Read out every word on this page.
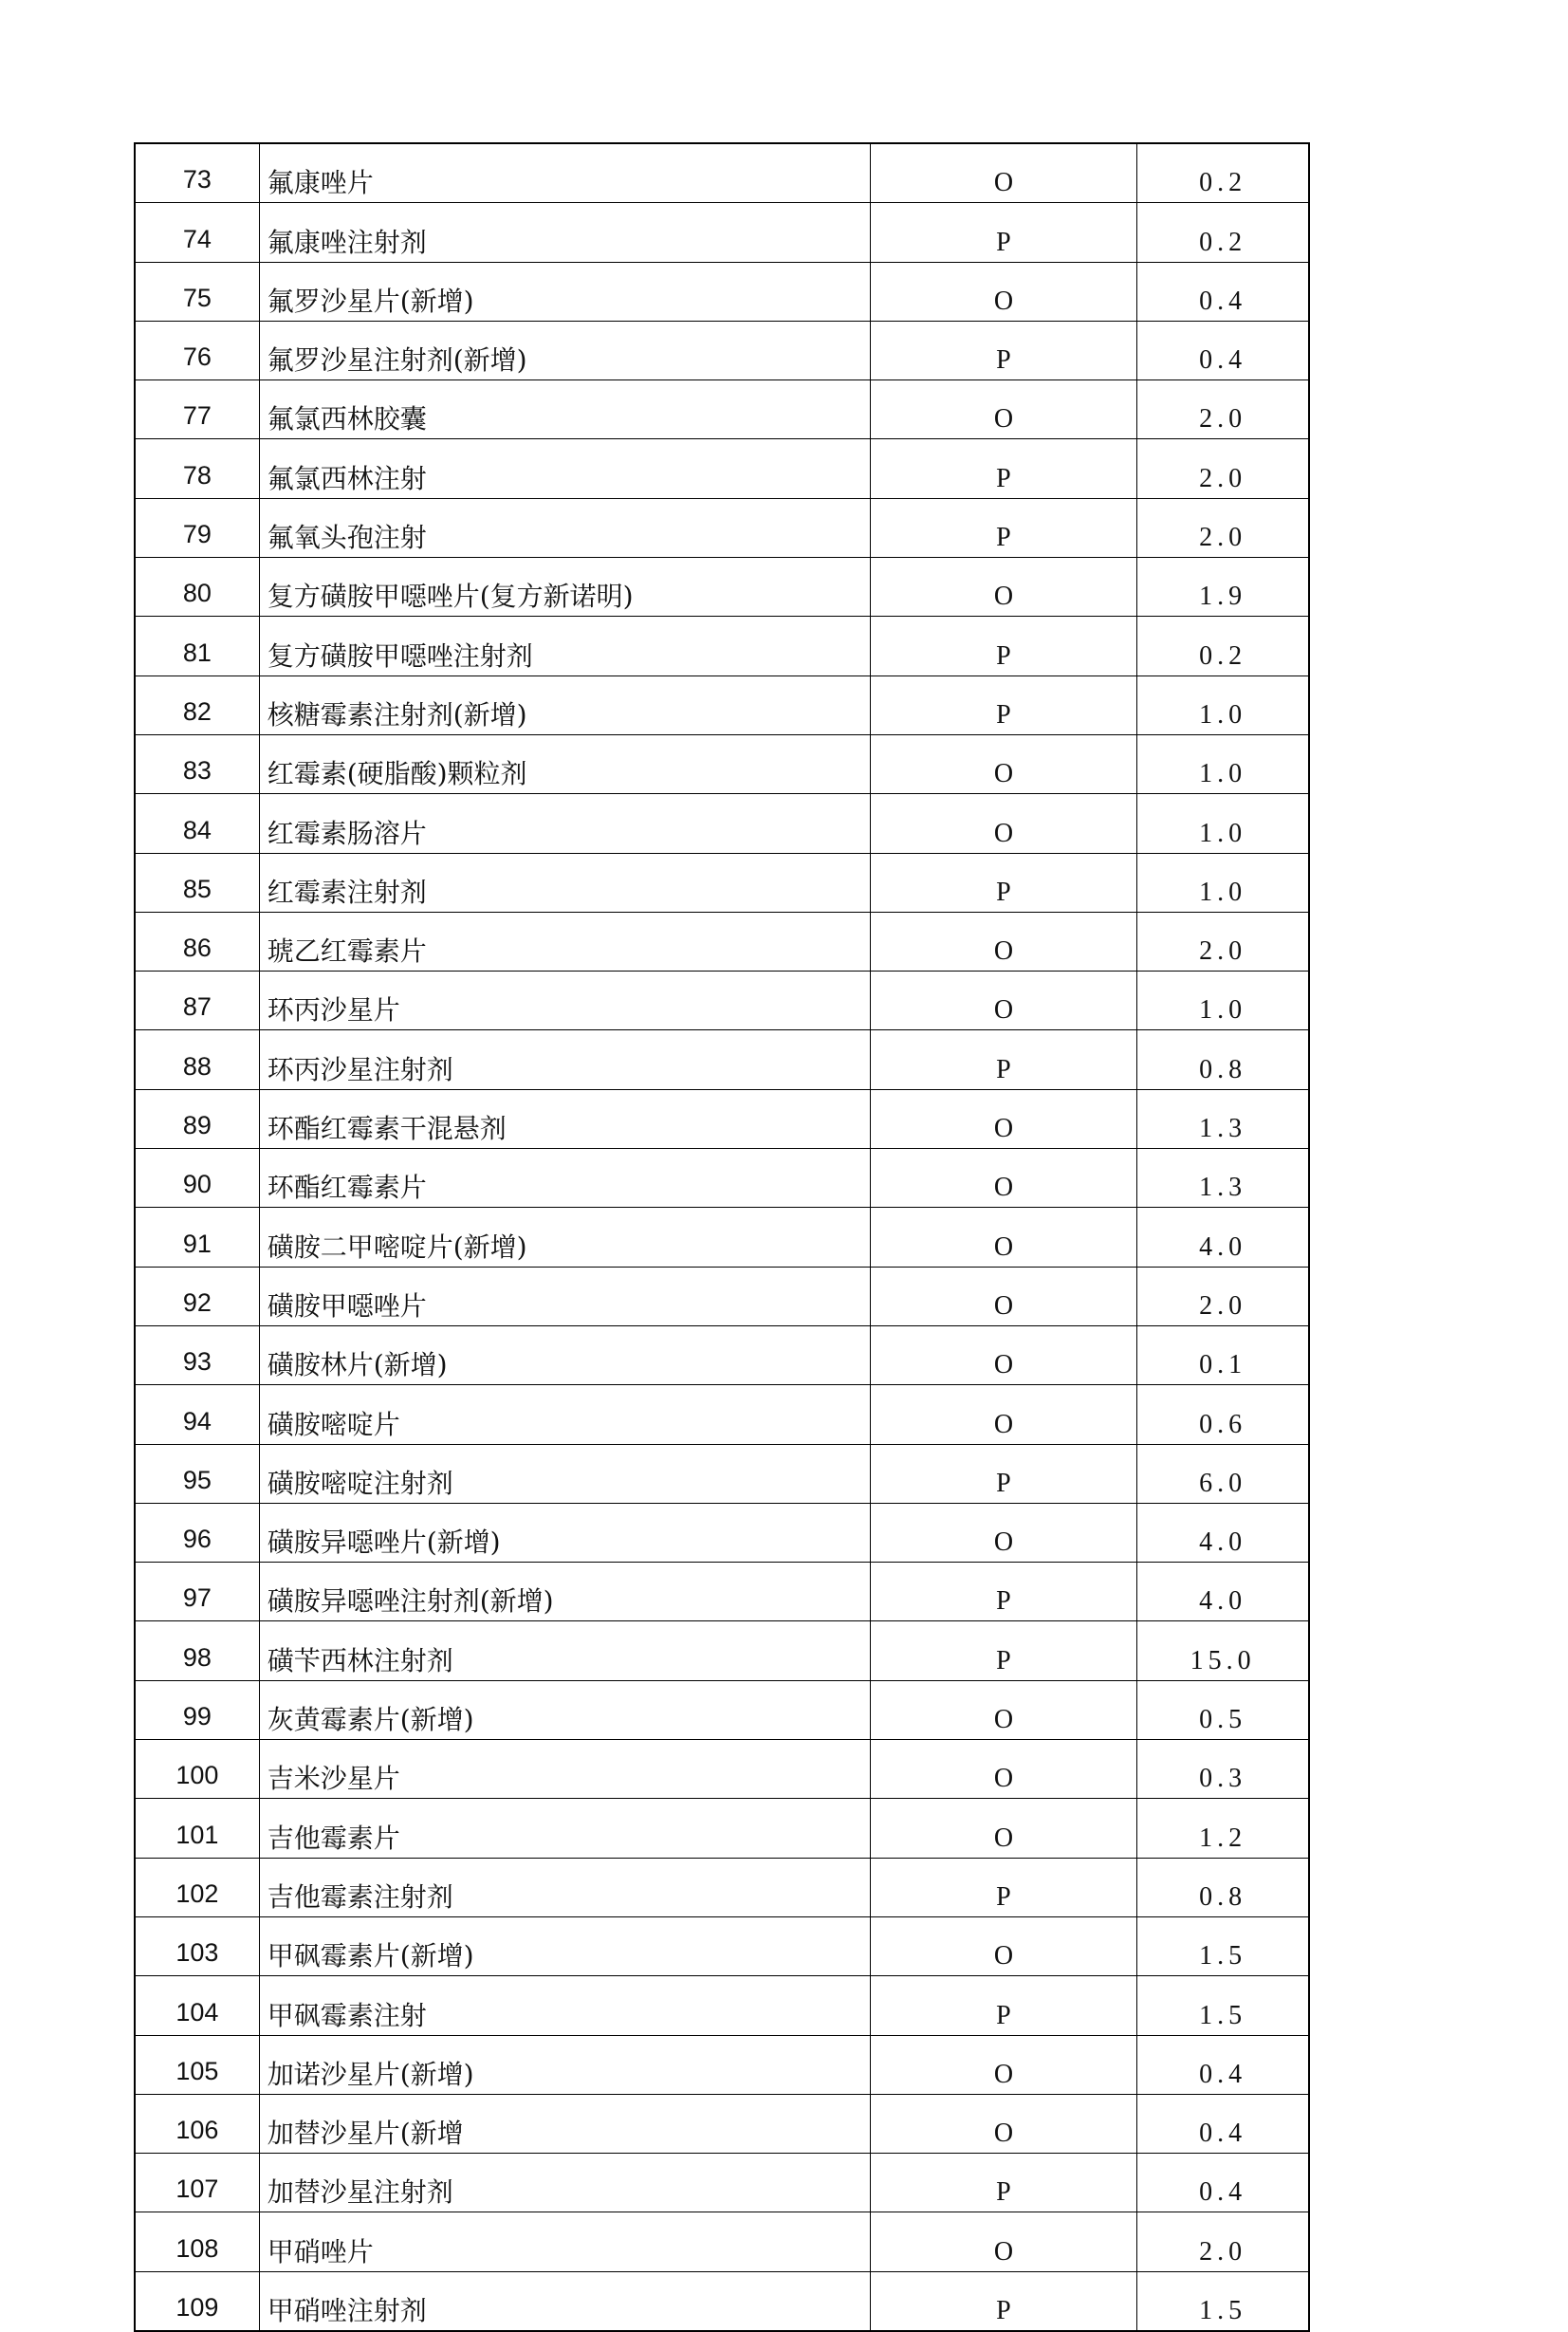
73	氟康唑片	O	0.2
74	氟康唑注射剂	P	0.2
75	氟罗沙星片(新增)	O	0.4
76	氟罗沙星注射剂(新增)	P	0.4
77	氟氯西林胶囊	O	2.0
78	氟氯西林注射	P	2.0
79	氟氧头孢注射	P	2.0
80	复方磺胺甲噁唑片(复方新诺明)	O	1.9
81	复方磺胺甲噁唑注射剂	P	0.2
82	核糖霉素注射剂(新增)	P	1.0
83	红霉素(硬脂酸)颗粒剂	O	1.0
84	红霉素肠溶片	O	1.0
85	红霉素注射剂	P	1.0
86	琥乙红霉素片	O	2.0
87	环丙沙星片	O	1.0
88	环丙沙星注射剂	P	0.8
89	环酯红霉素干混悬剂	O	1.3
90	环酯红霉素片	O	1.3
91	磺胺二甲嘧啶片(新增)	O	4.0
92	磺胺甲噁唑片	O	2.0
93	磺胺林片(新增)	O	0.1
94	磺胺嘧啶片	O	0.6
95	磺胺嘧啶注射剂	P	6.0
96	磺胺异噁唑片(新增)	O	4.0
97	磺胺异噁唑注射剂(新增)	P	4.0
98	磺苄西林注射剂	P	15.0
99	灰黄霉素片(新增)	O	0.5
100	吉米沙星片	O	0.3
101	吉他霉素片	O	1.2
102	吉他霉素注射剂	P	0.8
103	甲砜霉素片(新增)	O	1.5
104	甲砜霉素注射	P	1.5
105	加诺沙星片(新增)	O	0.4
106	加替沙星片(新增	O	0.4
107	加替沙星注射剂	P	0.4
108	甲硝唑片	O	2.0
109	甲硝唑注射剂	P	1.5
